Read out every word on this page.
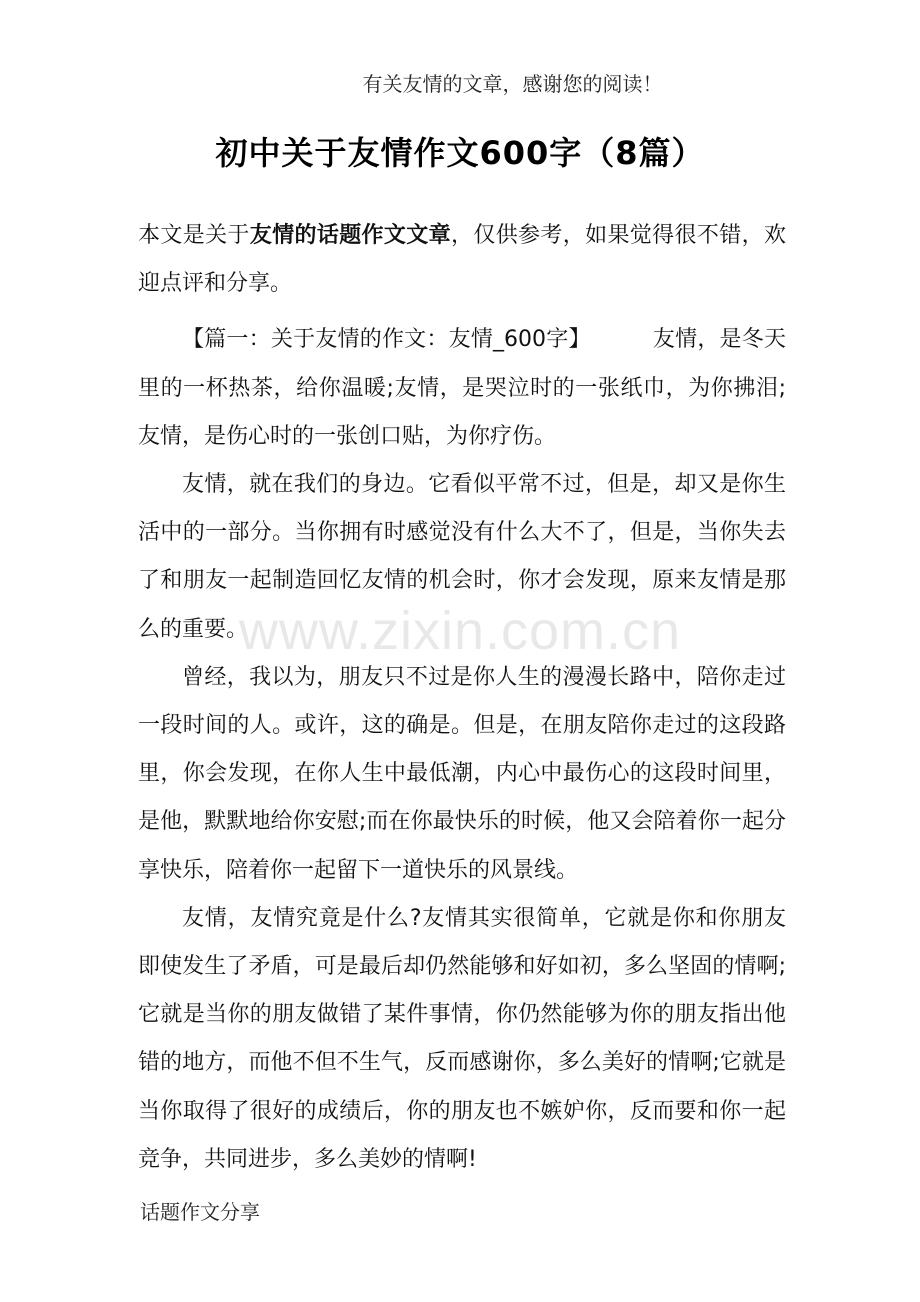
有关友情的文章，感谢您的阅读！
初中关于友情作文600字（8篇）

本文是关于友情的话题作文文章，仅供参考，如果觉得很不错，欢迎点评和分享。

【篇一：关于友情的作文：友情_600字】	友情，是冬天里的一杯热茶，给你温暖;友情，是哭泣时的一张纸巾，为你拂泪;友情，是伤心时的一张创口贴，为你疗伤。

友情，就在我们的身边。它看似平常不过，但是，却又是你生活中的一部分。当你拥有时感觉没有什么大不了，但是，当你失去了和朋友一起制造回忆友情的机会时，你才会发现，原来友情是那么的重要。

曾经，我以为，朋友只不过是你人生的漫漫长路中，陪你走过一段时间的人。或许，这的确是。但是，在朋友陪你走过的这段路里，你会发现，在你人生中最低潮，内心中最伤心的这段时间里，是他，默默地给你安慰;而在你最快乐的时候，他又会陪着你一起分享快乐，陪着你一起留下一道快乐的风景线。

友情，友情究竟是什么?友情其实很简单，它就是你和你朋友即使发生了矛盾，可是最后却仍然能够和好如初，多么坚固的情啊;它就是当你的朋友做错了某件事情，你仍然能够为你的朋友指出他错的地方，而他不但不生气，反而感谢你，多么美好的情啊;它就是当你取得了很好的成绩后，你的朋友也不嫉妒你，反而要和你一起竞争，共同进步，多么美妙的情啊!

www.zixin.com.cn
话题作文分享
